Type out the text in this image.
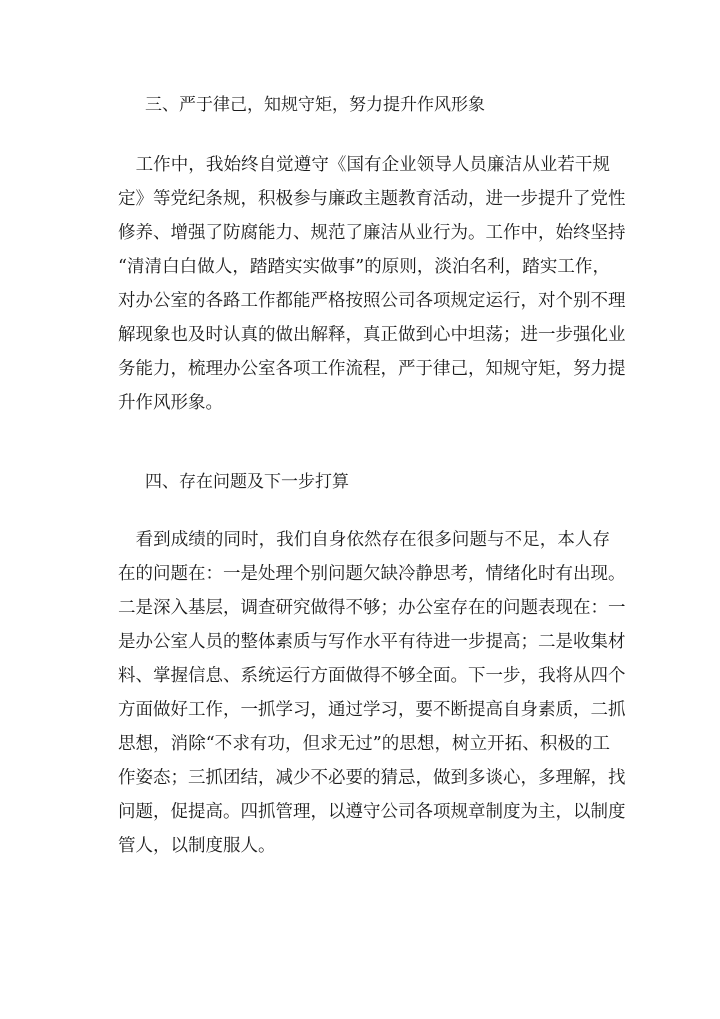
三、严于律己，知规守矩，努力提升作风形象
　工作中，我始终自觉遵守《国有企业领导人员廉洁从业若干规
定》等党纪条规，积极参与廉政主题教育活动，进一步提升了党性
修养、增强了防腐能力、规范了廉洁从业行为。工作中，始终坚持
“清清白白做人，踏踏实实做事”的原则，淡泊名利，踏实工作，
对办公室的各路工作都能严格按照公司各项规定运行，对个别不理
解现象也及时认真的做出解释，真正做到心中坦荡；进一步强化业
务能力，梳理办公室各项工作流程，严于律己，知规守矩，努力提
升作风形象。
四、存在问题及下一步打算
　看到成绩的同时，我们自身依然存在很多问题与不足，本人存
在的问题在：一是处理个别问题欠缺冷静思考，情绪化时有出现。
二是深入基层，调查研究做得不够；办公室存在的问题表现在：一
是办公室人员的整体素质与写作水平有待进一步提高；二是收集材
料、掌握信息、系统运行方面做得不够全面。下一步，我将从四个
方面做好工作，一抓学习，通过学习，要不断提高自身素质，二抓
思想，消除“不求有功，但求无过”的思想，树立开拓、积极的工
作姿态；三抓团结，减少不必要的猜忌，做到多谈心，多理解，找
问题，促提高。四抓管理，以遵守公司各项规章制度为主，以制度
管人，以制度服人。
